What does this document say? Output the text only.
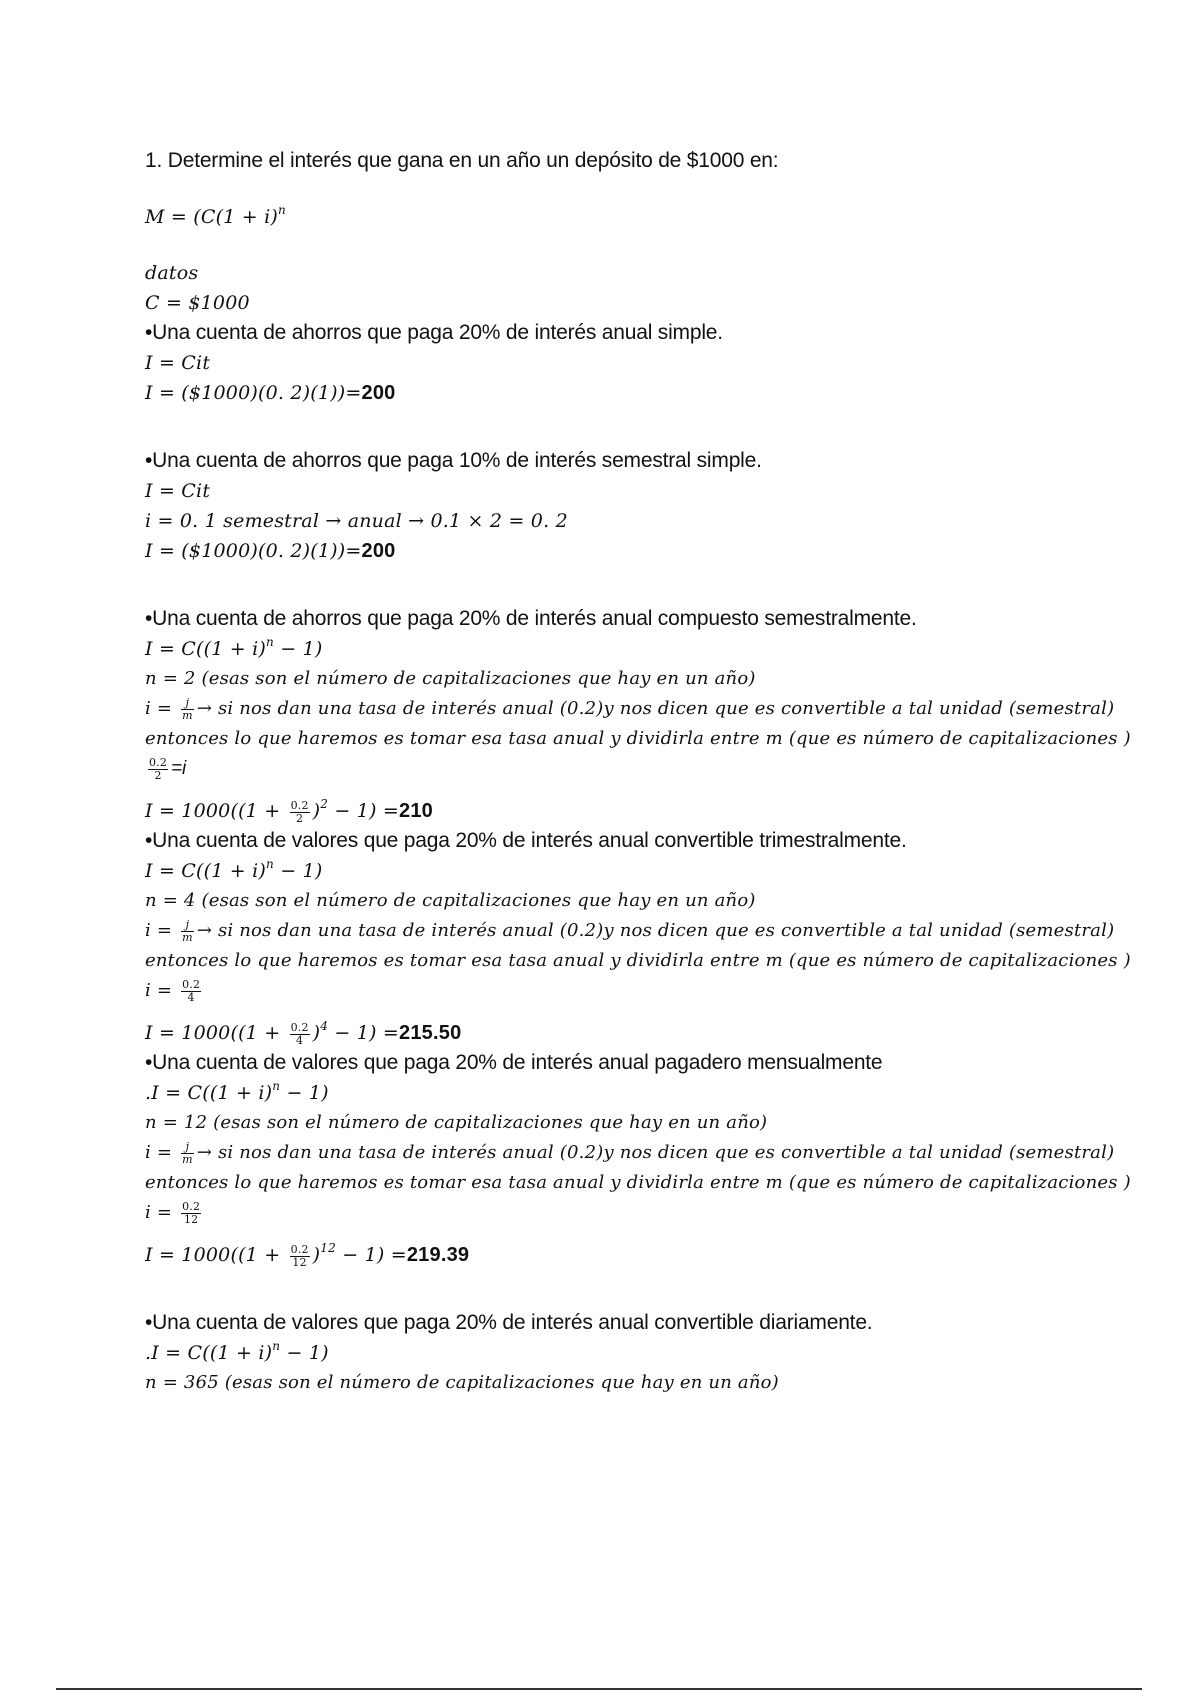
1. Determine el interés que gana en un año un depósito de $1000 en:
$M = (C(1 + i)^n$
datos
C = $1000
•Una cuenta de ahorros que paga 20% de interés anual simple.
I = Cit
I = ($1000)(0. 2)(1))=200
•Una cuenta de ahorros que paga 10% de interés semestral simple.
I = Cit
i = 0. 1 semestral → anual → 0.1 × 2 = 0. 2
I = ($1000)(0. 2)(1))=200
•Una cuenta de ahorros que paga 20% de interés anual compuesto semestralmente.
$I = C((1 + i)^n - 1)$
n = 2 (esas son el número de capitalizaciones que hay en un año)
$i = \frac{j}{m}$ → si nos dan una tasa de interés anual (0.2)y nos dicen que es convertible a tal unidad (semestral)
entonces lo que haremos es tomar esa tasa anual y dividirla entre m (que es número de capitalizaciones )
$\frac{0.2}{2} =i$
$I = 1000((1 + \frac{0.2}{2} )^2 - 1) =210$
•Una cuenta de valores que paga 20% de interés anual convertible trimestralmente.
$I = C((1 + i)^n - 1)$
n = 4 (esas son el número de capitalizaciones que hay en un año)
$i = \frac{j}{m}$ → si nos dan una tasa de interés anual (0.2)y nos dicen que es convertible a tal unidad (semestral)
entonces lo que haremos es tomar esa tasa anual y dividirla entre m (que es número de capitalizaciones )
$i = \frac{0.2}{4}$
$I = 1000((1 + \frac{0.2}{4} )^4 - 1) =215.50$
•Una cuenta de valores que paga 20% de interés anual pagadero mensualmente
$.I = C((1 + i)^n - 1)$
n = 12 (esas son el número de capitalizaciones que hay en un año)
$i = \frac{j}{m}$ → si nos dan una tasa de interés anual (0.2)y nos dicen que es convertible a tal unidad (semestral)
entonces lo que haremos es tomar esa tasa anual y dividirla entre m (que es número de capitalizaciones )
$i = \frac{0.2}{12}$
$I = 1000((1 + \frac{0.2}{12} )^{12} - 1) =219.39$
•Una cuenta de valores que paga 20% de interés anual convertible diariamente.
$.I = C((1 + i)^n - 1)$
n = 365 (esas son el número de capitalizaciones que hay en un año)
